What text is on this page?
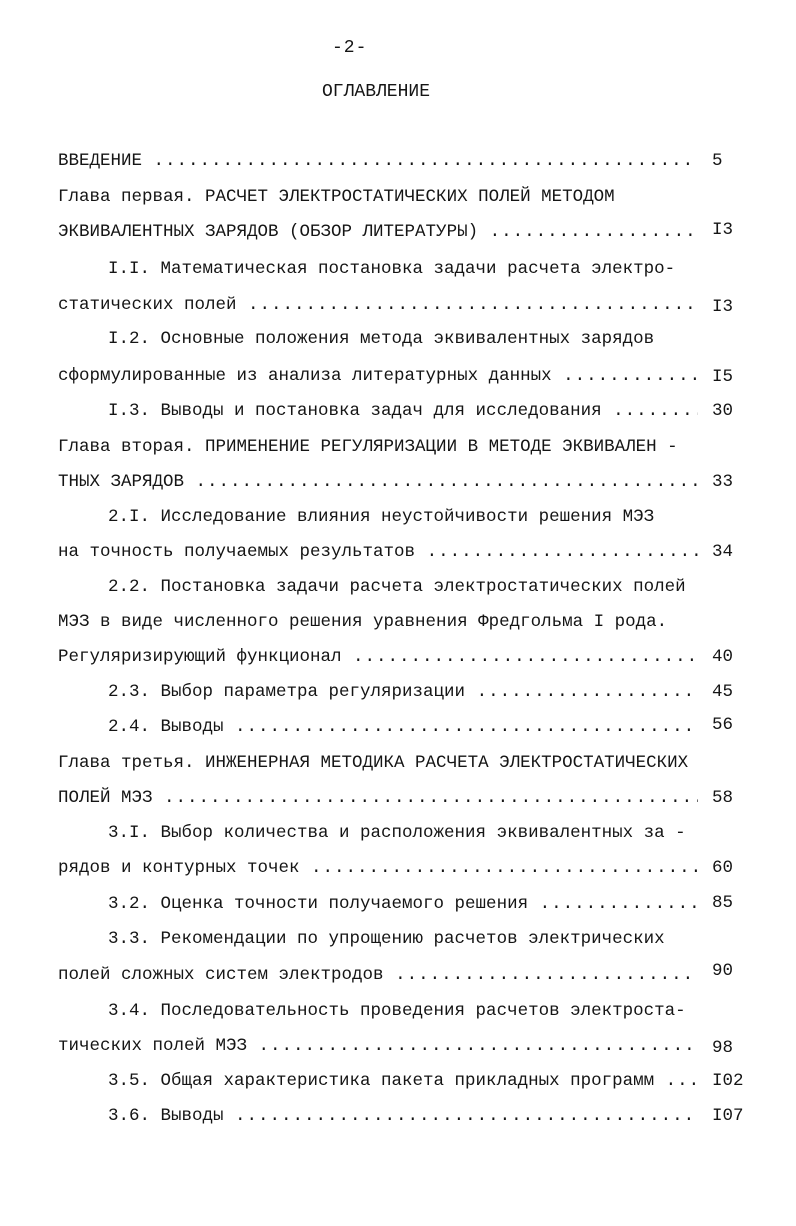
-2-
ОГЛАВЛЕНИЕ
ВВЕДЕНИЕ .....	5
Глава первая. РАСЧЕТ ЭЛЕКТРОСТАТИЧЕСКИХ ПОЛЕЙ МЕТОДОМ
ЭКВИВАЛЕНТНЫХ ЗАРЯДОВ (ОБЗОР ЛИТЕРАТУРЫ) .....	I3
I.I. Математическая постановка задачи расчета электро-
статических полей .....	I3
I.2. Основные положения метода эквивалентных зарядов
сформулированные из анализа литературных данных .....	I5
I.3. Выводы и постановка задач для исследования .....	30
Глава вторая. ПРИМЕНЕНИЕ РЕГУЛЯРИЗАЦИИ В МЕТОДЕ ЭКВИВАЛЕН -
ТНЫХ ЗАРЯДОВ .....	33
2.I. Исследование влияния неустойчивости решения МЭЗ
на точность получаемых результатов .....	34
2.2. Постановка задачи расчета электростатических полей
МЭЗ в виде численного решения уравнения Фредгольма I рода.
Регуляризирующий функционал .....	40
2.3. Выбор параметра регуляризации .....	45
2.4. Выводы .....	56
Глава третья. ИНЖЕНЕРНАЯ МЕТОДИКА РАСЧЕТА ЭЛЕКТРОСТАТИЧЕСКИХ
ПОЛЕЙ МЭЗ .....	58
3.I. Выбор количества и расположения эквивалентных за -
рядов и контурных точек .....	60
3.2. Оценка точности получаемого решения .....	85
3.3. Рекомендации по упрощению расчетов электрических
полей сложных систем электродов .....	90
3.4. Последовательность проведения расчетов электроста-
тических полей МЭЗ .....	98
3.5. Общая характеристика пакета прикладных программ .....	I02
3.6. Выводы .....	I07
